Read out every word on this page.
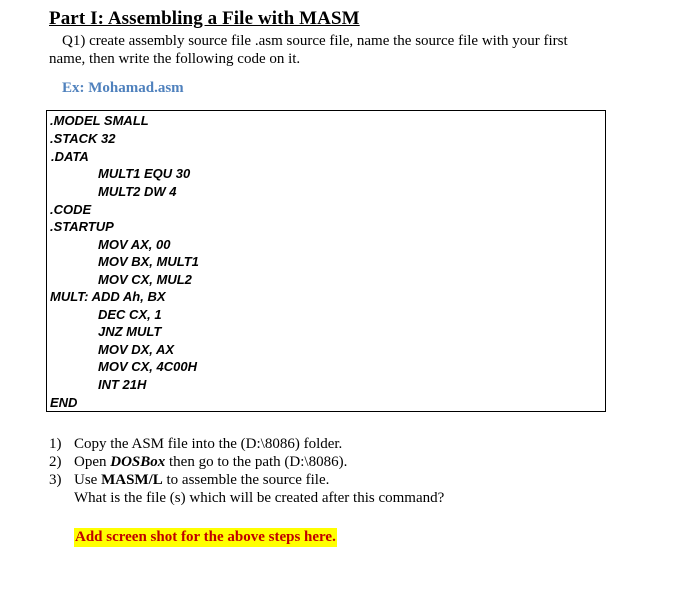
Part I: Assembling a File with MASM
Q1) create assembly source file .asm source file, name the source file with your first
name, then write the following code on it.
Ex: Mohamad.asm
.MODEL SMALL
.STACK 32
.DATA
MULT1 EQU 30
MULT2 DW 4
.CODE
.STARTUP
MOV AX, 00
MOV BX, MULT1
MOV CX, MUL2
MULT: ADD Ah, BX
DEC CX, 1
JNZ MULT
MOV DX, AX
MOV CX, 4C00H
INT 21H
END
1) Copy the ASM file into the (D:\8086) folder.
2) Open DOSBox then go to the path (D:\8086).
3) Use MASM/L to assemble the source file.
What is the file (s) which will be created after this command?
Add screen shot for the above steps here.
